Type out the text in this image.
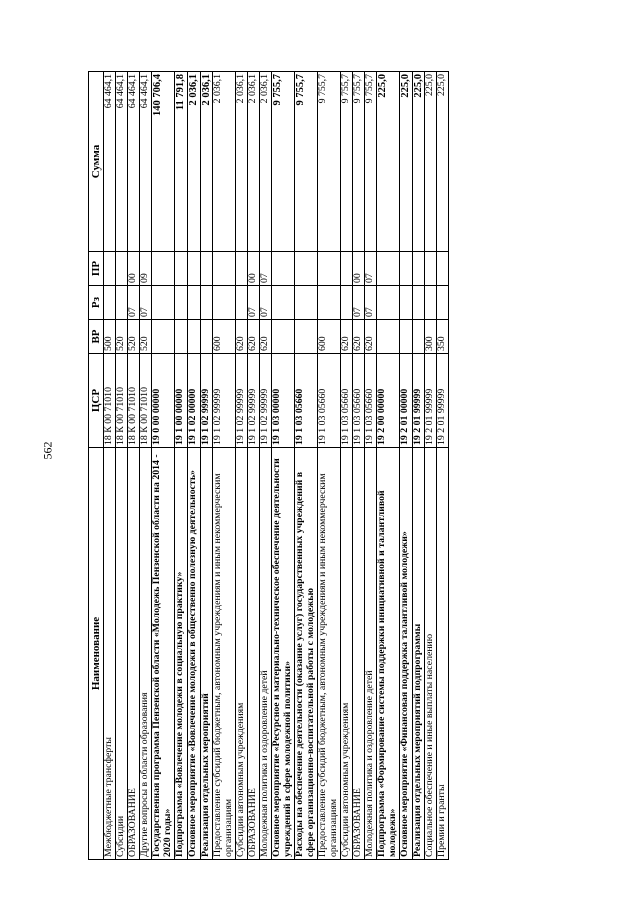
562
Наименование	ЦСР	ВР	Рз	ПР	Сумма
Межбюджетные трансферты	18 К 00 71010	500			64 464,1
Субсидии	18 К 00 71010	520			64 464,1
ОБРАЗОВАНИЕ	18 К 00 71010	520	07	00	64 464,1
Другие вопросы в области образования	18 К 00 71010	520	07	09	64 464,1
Государственная программа Пензенской области «Молодежь Пензенской области на 2014 - 2020 годы»	19 0 00 00000				140 706,4
Подпрограмма «Вовлечение молодежи в социальную практику»	19 1 00 00000				11 791,8
Основное мероприятие «Вовлечение молодежи в общественно полезную деятельность»	19 1 02 00000				2 036,1
Реализация отдельных мероприятий	19 1 02 99999				2 036,1
Предоставление субсидий бюджетным, автономным учреждениям и иным некоммерческим организациям	19 1 02 99999	600			2 036,1
Субсидии автономным учреждениям	19 1 02 99999	620			2 036,1
ОБРАЗОВАНИЕ	19 1 02 99999	620	07	00	2 036,1
Молодежная политика и оздоровление детей	19 1 02 99999	620	07	07	2 036,1
Основное мероприятие «Ресурсное и материально-техническое обеспечение деятельности учреждений в сфере молодежной политики»	19 1 03 00000				9 755,7
Расходы на обеспечение деятельности (оказание услуг) государственных учреждений в сфере организационно-воспитательной работы с молодежью	19 1 03 05660				9 755,7
Предоставление субсидий бюджетным, автономным учреждениям и иным некоммерческим организациям	19 1 03 05660	600			9 755,7
Субсидии автономным учреждениям	19 1 03 05660	620			9 755,7
ОБРАЗОВАНИЕ	19 1 03 05660	620	07	00	9 755,7
Молодежная политика и оздоровление детей	19 1 03 05660	620	07	07	9 755,7
Подпрограмма «Формирование системы поддержки инициативной и талантливой молодежи»	19 2 00 00000				225,0
Основное мероприятие «Финансовая поддержка талантливой молодежи»	19 2 01 00000				225,0
Реализация отдельных мероприятий подпрограммы	19 2 01 99999				225,0
Социальное обеспечение и иные выплаты населению	19 2 01 99999	300			225,0
Премии и гранты	19 2 01 99999	350			225,0
